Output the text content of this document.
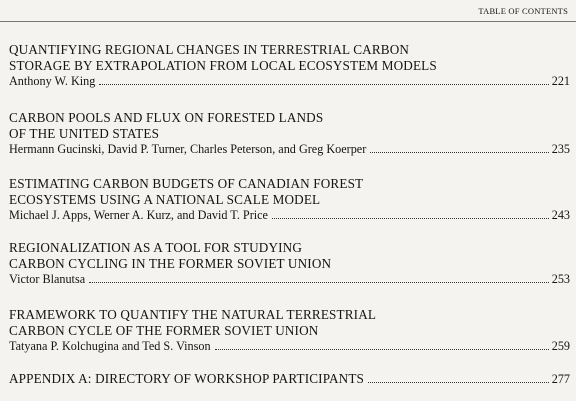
TABLE OF CONTENTS
QUANTIFYING REGIONAL CHANGES IN TERRESTRIAL CARBON
STORAGE BY EXTRAPOLATION FROM LOCAL ECOSYSTEM MODELS
Anthony W. King	221
CARBON POOLS AND FLUX ON FORESTED LANDS
OF THE UNITED STATES
Hermann Gucinski, David P. Turner, Charles Peterson, and Greg Koerper	235
ESTIMATING CARBON BUDGETS OF CANADIAN FOREST
ECOSYSTEMS USING A NATIONAL SCALE MODEL
Michael J. Apps, Werner A. Kurz, and David T. Price	243
REGIONALIZATION AS A TOOL FOR STUDYING
CARBON CYCLING IN THE FORMER SOVIET UNION
Victor Blanutsa	253
FRAMEWORK TO QUANTIFY THE NATURAL TERRESTRIAL
CARBON CYCLE OF THE FORMER SOVIET UNION
Tatyana P. Kolchugina and Ted S. Vinson	259
APPENDIX A: DIRECTORY OF WORKSHOP PARTICIPANTS	277
